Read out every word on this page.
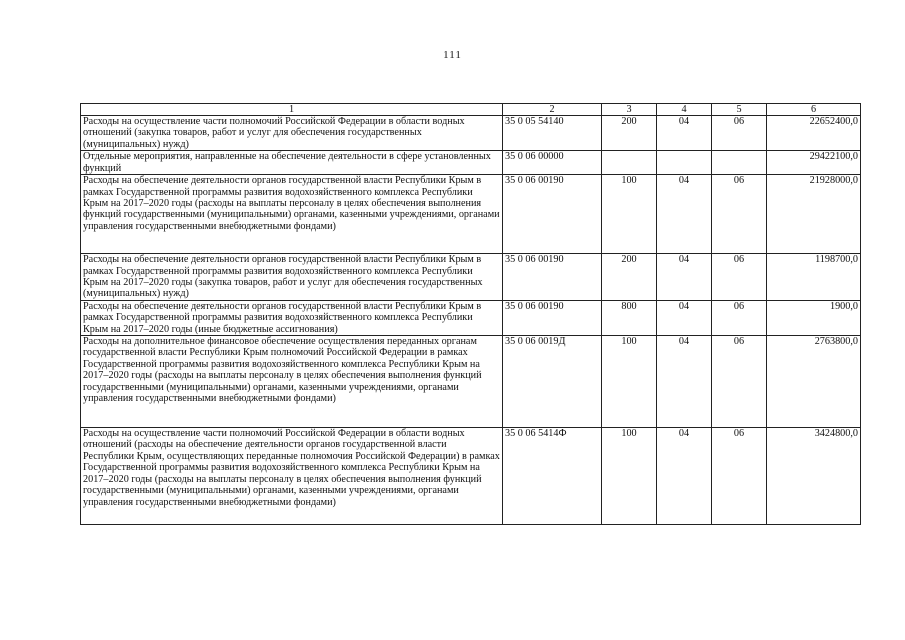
111
1	2	3	4	5	6
Расходы на осуществление части полномочий Российской Федерации в области водных отношений (закупка товаров, работ и услуг для обеспечения государственных (муниципальных) нужд)	35 0 05 54140	200	04	06	22652400,0
Отдельные мероприятия, направленные на обеспечение деятельности в сфере установленных функций	35 0 06 00000				29422100,0
Расходы на обеспечение деятельности органов государственной власти Республики Крым в рамках Государственной программы развития водохозяйственного комплекса Республики Крым на 2017–2020 годы (расходы на выплаты персоналу в целях обеспечения выполнения функций государственными (муниципальными) органами, казенными учреждениями, органами управления государственными внебюджетными фондами)	35 0 06 00190	100	04	06	21928000,0
Расходы на обеспечение деятельности органов государственной власти Республики Крым в рамках Государственной программы развития водохозяйственного комплекса Республики Крым на 2017–2020 годы (закупка товаров, работ и услуг для обеспечения государственных (муниципальных) нужд)	35 0 06 00190	200	04	06	1198700,0
Расходы на обеспечение деятельности органов государственной власти Республики Крым в рамках Государственной программы развития водохозяйственного комплекса Республики Крым на 2017–2020 годы (иные бюджетные ассигнования)	35 0 06 00190	800	04	06	1900,0
Расходы на дополнительное финансовое обеспечение осуществления переданных органам государственной власти Республики Крым полномочий Российской Федерации в рамках Государственной программы развития водохозяйственного комплекса Республики Крым на 2017–2020 годы (расходы на выплаты персоналу в целях обеспечения выполнения функций государственными (муниципальными) органами, казенными учреждениями, органами управления государственными внебюджетными фондами)	35 0 06 0019Д	100	04	06	2763800,0
Расходы на осуществление части полномочий Российской Федерации в области водных отношений (расходы на обеспечение деятельности органов государственной власти Республики Крым, осуществляющих переданные полномочия Российской Федерации) в рамках Государственной программы развития водохозяйственного комплекса Республики Крым на 2017–2020 годы (расходы на выплаты персоналу в целях обеспечения выполнения функций государственными (муниципальными) органами, казенными учреждениями, органами управления государственными внебюджетными фондами)	35 0 06 5414Ф	100	04	06	3424800,0
